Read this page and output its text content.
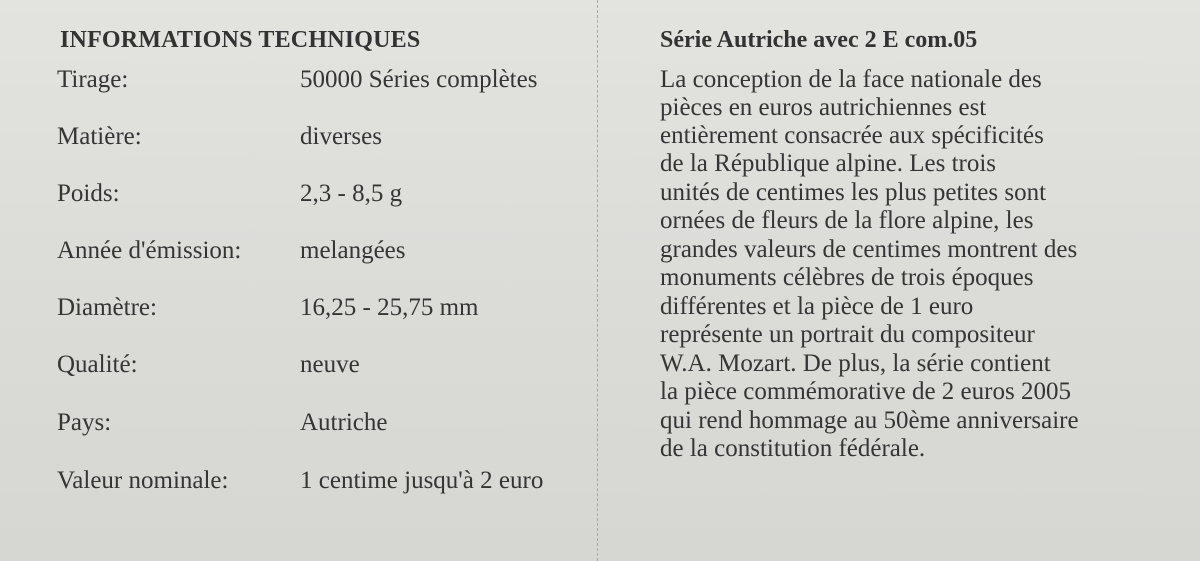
INFORMATIONS TECHNIQUES
Tirage:	50000 Séries complètes
Matière:	diverses
Poids:	2,3 - 8,5 g
Année d'émission: melangées
Diamètre:	16,25 - 25,75 mm
Qualité:	neuve
Pays:	Autriche
Valeur nominale:	1 centime jusqu'à 2 euro
Série Autriche avec 2 E com.05
La conception de la face nationale des
pièces en euros autrichiennes est
entièrement consacrée aux spécificités
de la République alpine. Les trois
unités de centimes les plus petites sont
ornées de fleurs de la flore alpine, les
grandes valeurs de centimes montrent des
monuments célèbres de trois époques
différentes et la pièce de 1 euro
représente un portrait du compositeur
W.A. Mozart. De plus, la série contient
la pièce commémorative de 2 euros 2005
qui rend hommage au 50ème anniversaire
de la constitution fédérale.
